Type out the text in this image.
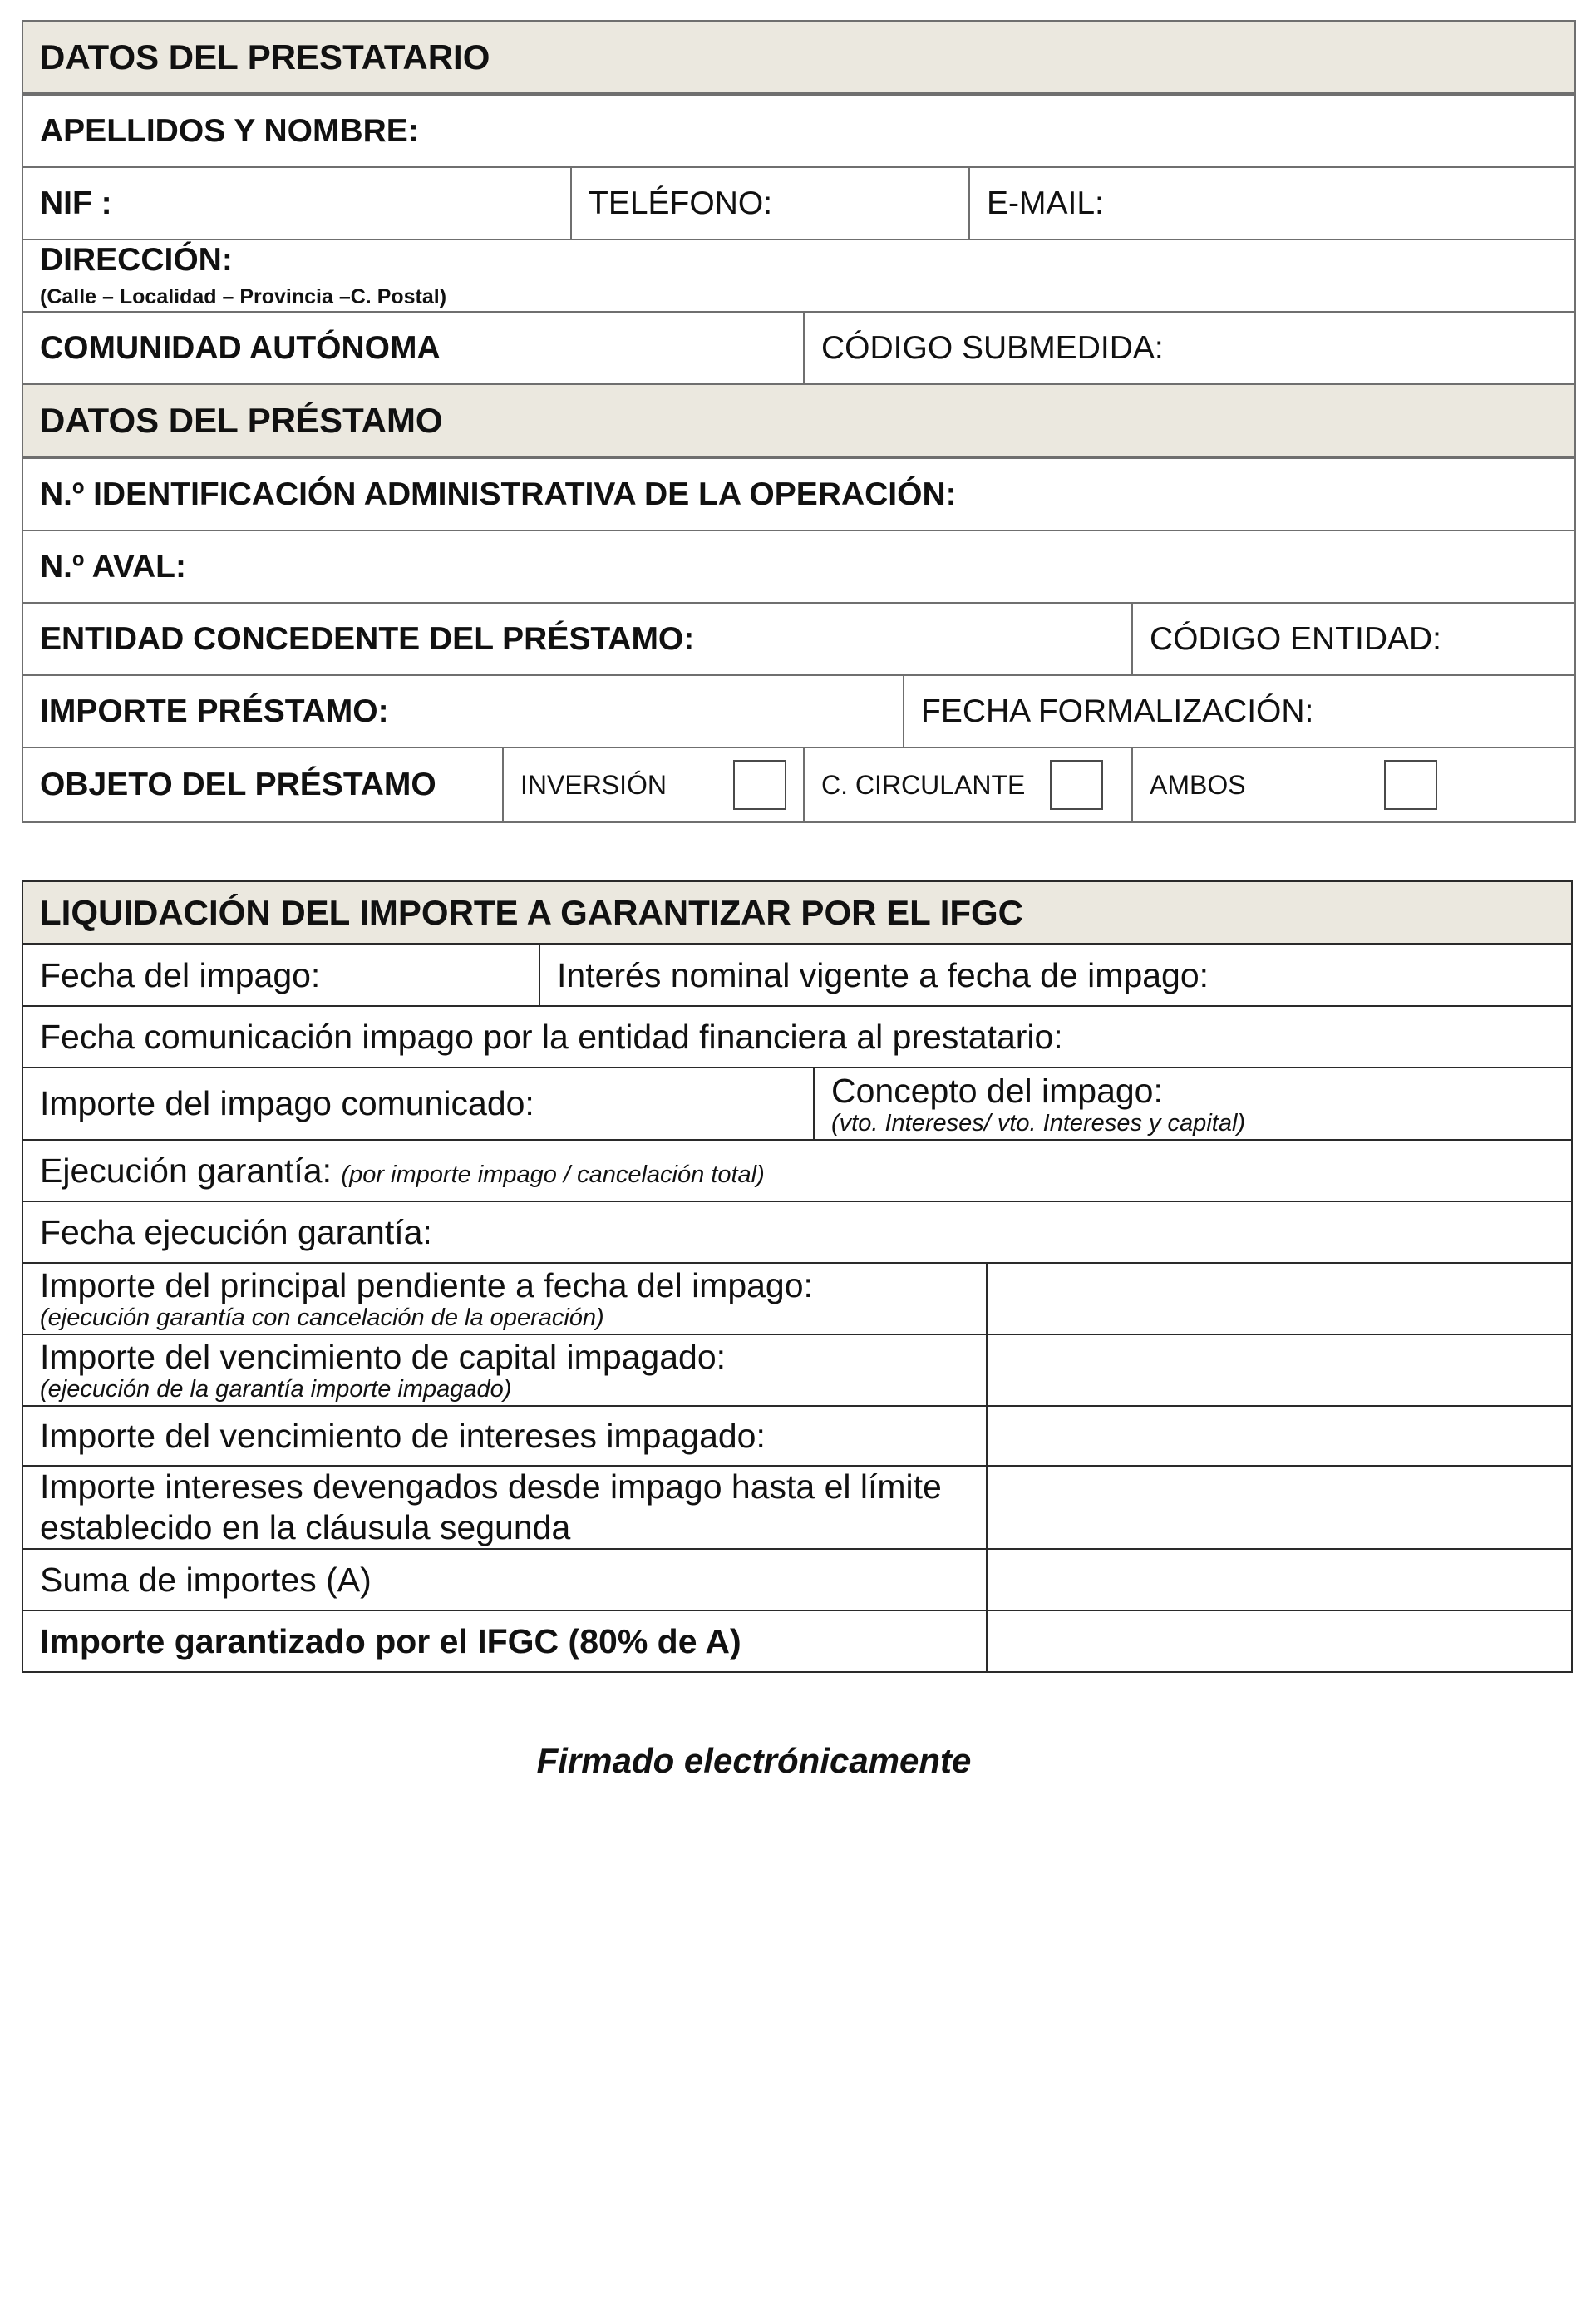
DATOS DEL PRESTATARIO						
APELLIDOS Y NOMBRE:						
NIF :		TELÉFONO:			E-MAIL:	
DIRECCIÓN:
(Calle – Localidad – Provincia –C. Postal)						

COMUNIDAD AUTÓNOMA			CÓDIGO SUBMEDIDA:			
DATOS DEL PRÉSTAMO						
N.º IDENTIFICACIÓN ADMINISTRATIVA DE LA OPERACIÓN:						
N.º AVAL:						
ENTIDAD CONCEDENTE DEL PRÉSTAMO:						CÓDIGO ENTIDAD:
IMPORTE PRÉSTAMO:				FECHA FORMALIZACIÓN:		
OBJETO DEL PRÉSTAMO	INVERSIÓN		C. CIRCULANTE			AMBOS
LIQUIDACIÓN DEL IMPORTE A GARANTIZAR POR EL IFGC			
Fecha del impago:	Interés nominal vigente a fecha de impago:		
Fecha comunicación impago por la entidad financiera al prestatario:			
Importe del impago comunicado:		Concepto del impago:
(vto. Intereses/ vto. Intereses y capital)	

Ejecución garantía: (por importe impago / cancelación total)			
Fecha ejecución garantía:			

Importe del principal pendiente a fecha del impago:
(ejecución garantía con cancelación de la operación)			

Importe del vencimiento de capital impagado:
(ejecución de la garantía importe impagado)			

Importe del vencimiento de intereses impagado:			

Importe intereses devengados desde impago hasta el límite
establecido en la cláusula segunda			

Suma de importes (A)			
Importe garantizado por el IFGC (80% de A)			
Firmado electrónicamente
